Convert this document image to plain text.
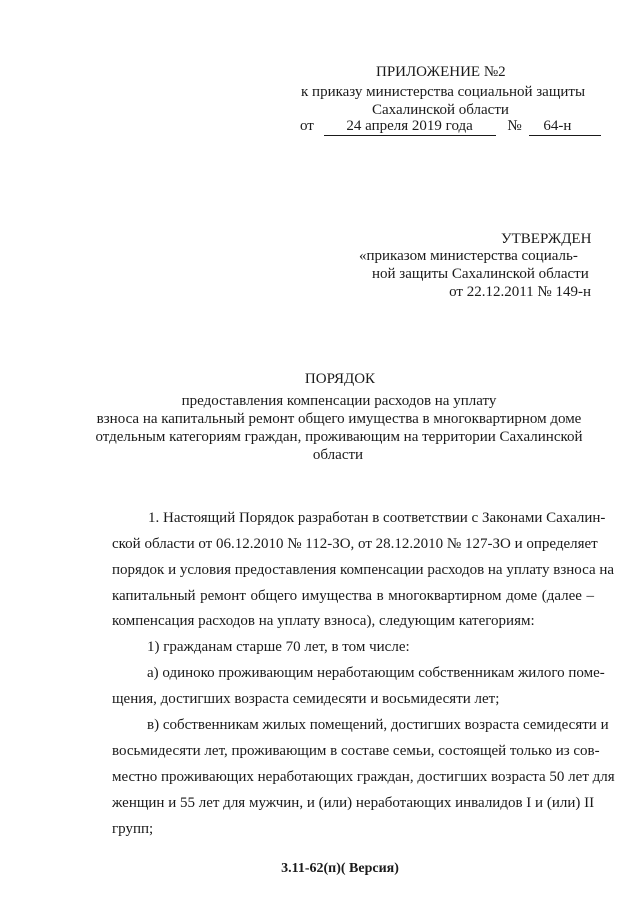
ПРИЛОЖЕНИЕ №2
к приказу министерства социальной защиты
Сахалинской области
от 24 апреля 2019 года № 64-н
УТВЕРЖДЕН
«приказом министерства социаль-
ной защиты Сахалинской области
от 22.12.2011 № 149-н
ПОРЯДОК
предоставления компенсации расходов на уплату
взноса на капитальный ремонт общего имущества в многоквартирном доме
отдельным категориям граждан, проживающим на территории Сахалинской
области
1. Настоящий Порядок разработан в соответствии с Законами Сахалин-
ской области от 06.12.2010 № 112-ЗО, от 28.12.2010 № 127-ЗО и определяет
порядок и условия предоставления компенсации расходов на уплату взноса на
капитальный ремонт общего имущества в многоквартирном доме (далее –
компенсация расходов на уплату взноса), следующим категориям:
1) гражданам старше 70 лет, в том числе:
а) одиноко проживающим неработающим собственникам жилого поме-
щения, достигших возраста семидесяти и восьмидесяти лет;
в) собственникам жилых помещений, достигших возраста семидесяти и
восьмидесяти лет, проживающим в составе семьи, состоящей только из сов-
местно проживающих неработающих граждан, достигших возраста 50 лет для
женщин и 55 лет для мужчин, и (или) неработающих инвалидов I и (или) II
групп;
3.11-62(п)( Версия)
